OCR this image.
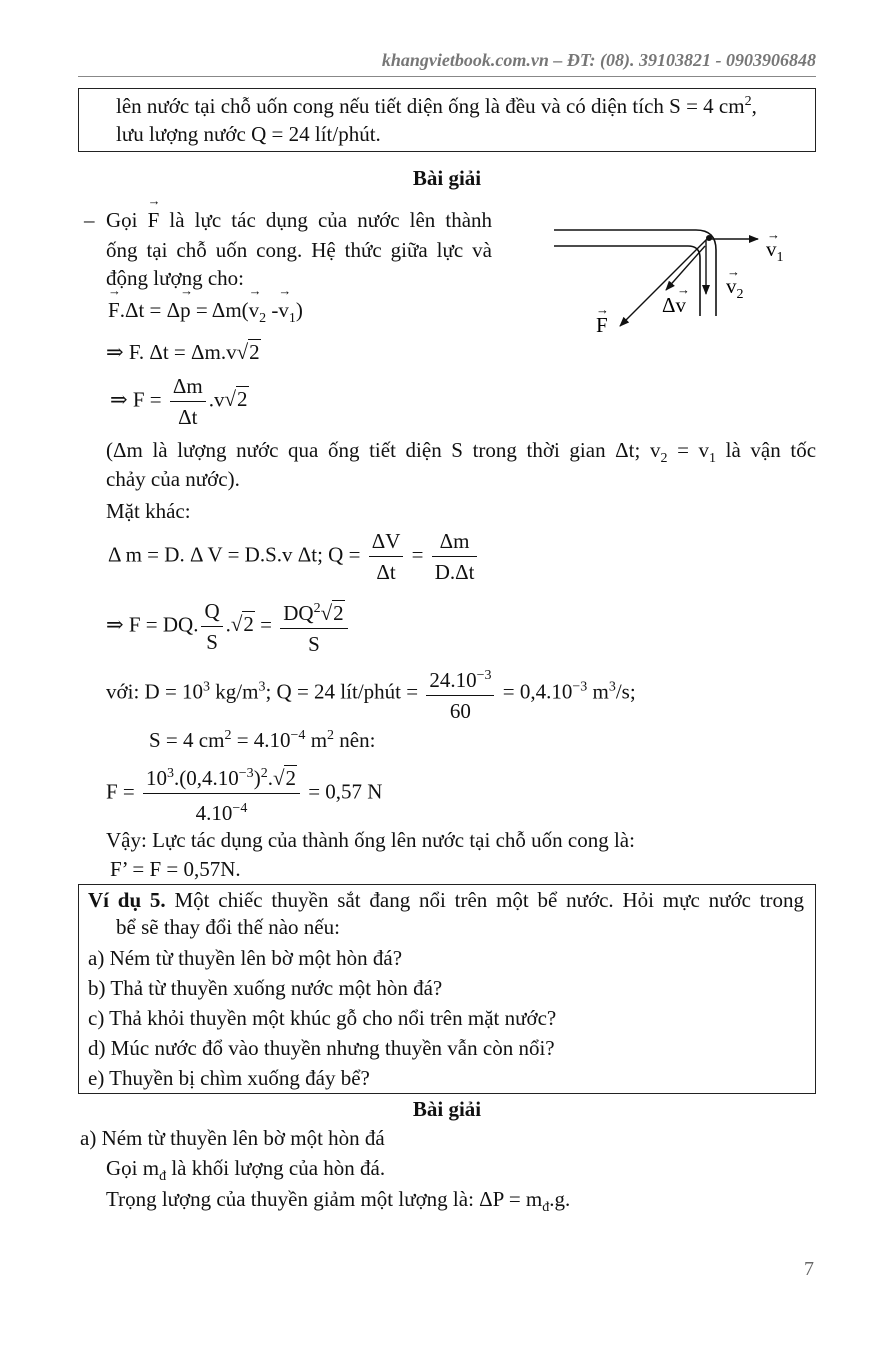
khangvietbook.com.vn – ĐT: (08). 39103821 - 0903906848
lên nước tại chỗ uốn cong nếu tiết diện ống là đều và có diện tích S = 4 $cm^2$,
lưu lượng nước Q = 24 lít/phút.
Bài giải
– Gọi → F là lực tác dụng của nước lên thành
ống tại chỗ uốn cong. Hệ thức giữa lực và
động lượng cho:
→ $F.\Delta t = \Delta\to p = \Delta m(\to v_2 -\to v_1)$
⇒ F. Δt = Δm.v√2
⇒ $F = \frac{\Delta m}{\Delta t} .v√2$
(Δm là lượng nước qua ống tiết diện S trong thời gian Δt; $v_2 = v_1$ là vận tốc
chảy của nước).
Mặt khác:
Δ m = D. Δ V = D.S.v Δt; $Q = \frac{\Delta V}{\Delta t} = \frac{\Delta m}{D.\Delta t}$
⇒ F = DQ. $\frac{Q}{S} .√2 = \frac{DQ^2√2}{S}$
với: $D = 10^3$ $kg/m^3$; Q = 24 lít/phút = $\frac{24.10^{-3}}{60} = 0,4.10^{-3}$ $m^3/s$;
S = 4 $cm^2 = 4.10^{-4}$ $m^2$ nên:
$F = \frac{10^3.(0,4.10^{-3})^2.√2}{4.10^{-4}} = 0,57$ N
Vậy: Lực tác dụng của thành ống lên nước tại chỗ uốn cong là:
F’ = F = 0,57N.
$v_1$
→
$v_2$
→
Δv
→
F
→
Ví dụ 5. Một chiếc thuyền sắt đang nổi trên một bể nước. Hỏi mực nước trong
bể sẽ thay đổi thế nào nếu:
a) Ném từ thuyền lên bờ một hòn đá?
b) Thả từ thuyền xuống nước một hòn đá?
c) Thả khỏi thuyền một khúc gỗ cho nổi trên mặt nước?
d) Múc nước đổ vào thuyền nhưng thuyền vẫn còn nổi?
e) Thuyền bị chìm xuống đáy bể?
Bài giải
a) Ném từ thuyền lên bờ một hòn đá
Gọi $m_đ$ là khối lượng của hòn đá.
Trọng lượng của thuyền giảm một lượng là: $\Delta P = m_đ.g$.
7
